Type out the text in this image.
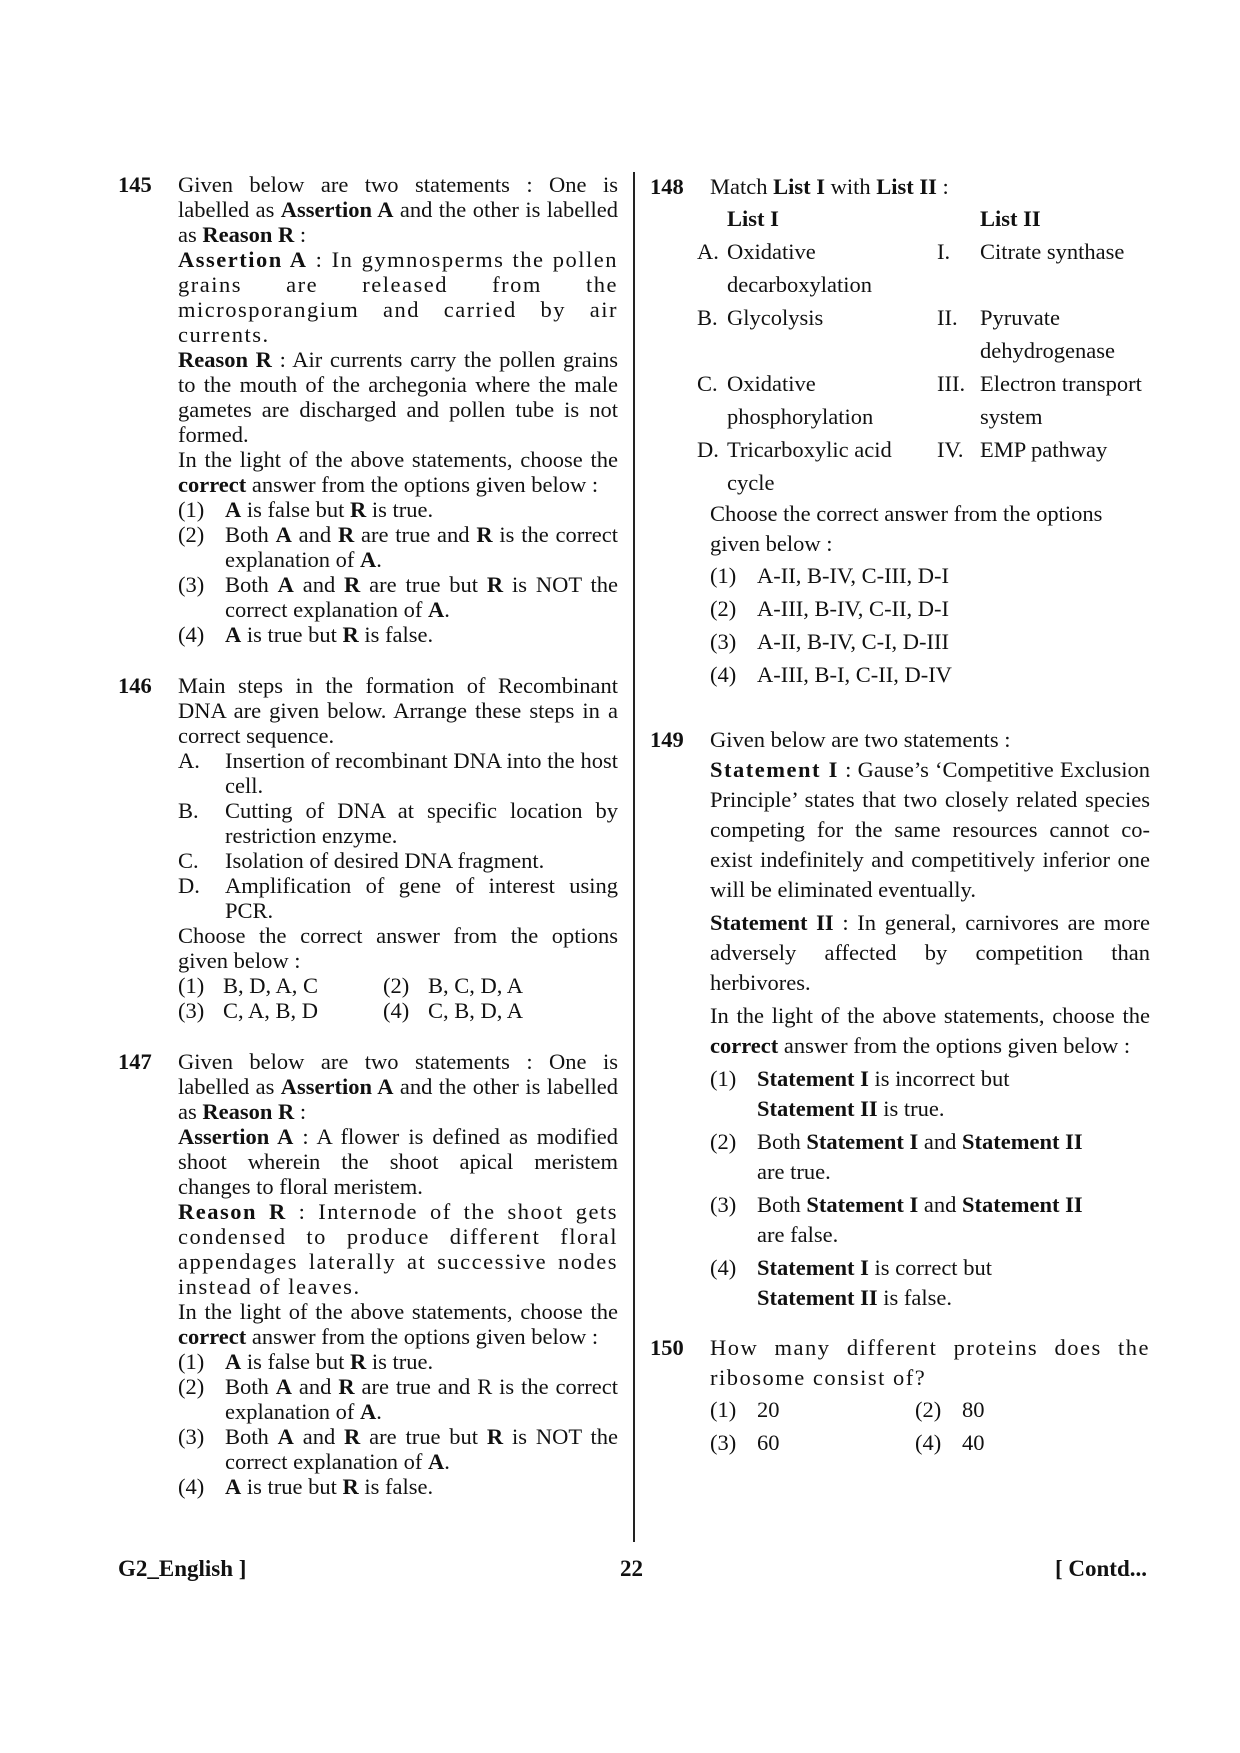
145 Given below are two statements : One is labelled as Assertion A and the other is labelled as Reason R :
Assertion A : In gymnosperms the pollen grains are released from the microsporangium and carried by air currents.
Reason R : Air currents carry the pollen grains to the mouth of the archegonia where the male gametes are discharged and pollen tube is not formed.
In the light of the above statements, choose the correct answer from the options given below :
(1) A is false but R is true.
(2) Both A and R are true and R is the correct explanation of A.
(3) Both A and R are true but R is NOT the correct explanation of A.
(4) A is true but R is false.
146 Main steps in the formation of Recombinant DNA are given below. Arrange these steps in a correct sequence.
A.	Insertion of recombinant DNA into the host cell.
B.	Cutting of DNA at specific location by restriction enzyme.
C.	Isolation of desired DNA fragment.
D.	Amplification of gene of interest using PCR.
Choose the correct answer from the options given below :
(1) B, D, A, C	(2) B, C, D, A
(3) C, A, B, D	(4) C, B, D, A
147 Given below are two statements : One is labelled as Assertion A and the other is labelled as Reason R :
Assertion A : A flower is defined as modified shoot wherein the shoot apical meristem changes to floral meristem.
Reason R : Internode of the shoot gets condensed to produce different floral appendages laterally at successive nodes instead of leaves.
In the light of the above statements, choose the correct answer from the options given below :
(1) A is false but R is true.
(2) Both A and R are true and R is the correct explanation of A.
(3) Both A and R are true but R is NOT the correct explanation of A.
(4) A is true but R is false.
148 Match List I with List II :
	List I		List II
A.	Oxidative decarboxylation	I.	Citrate synthase
B.	Glycolysis	II.	Pyruvate dehydrogenase
C.	Oxidative phosphorylation	III.	Electron transport system
D.	Tricarboxylic acid cycle	IV.	EMP pathway
Choose the correct answer from the options given below :
(1) A-II, B-IV, C-III, D-I
(2) A-III, B-IV, C-II, D-I
(3) A-II, B-IV, C-I, D-III
(4) A-III, B-I, C-II, D-IV
149 Given below are two statements :
Statement I : Gause’s ‘Competitive Exclusion Principle’ states that two closely related species competing for the same resources cannot co-exist indefinitely and competitively inferior one will be eliminated eventually.
Statement II : In general, carnivores are more adversely affected by competition than herbivores.
In the light of the above statements, choose the correct answer from the options given below :
(1) Statement I is incorrect but
Statement II is true.
(2) Both Statement I and Statement II
are true.
(3) Both Statement I and Statement II
are false.
(4) Statement I is correct but
Statement II is false.
150 How many different proteins does the ribosome consist of?
(1) 20	(2) 80
(3) 60	(4) 40
G2_English ]	22	[ Contd...
